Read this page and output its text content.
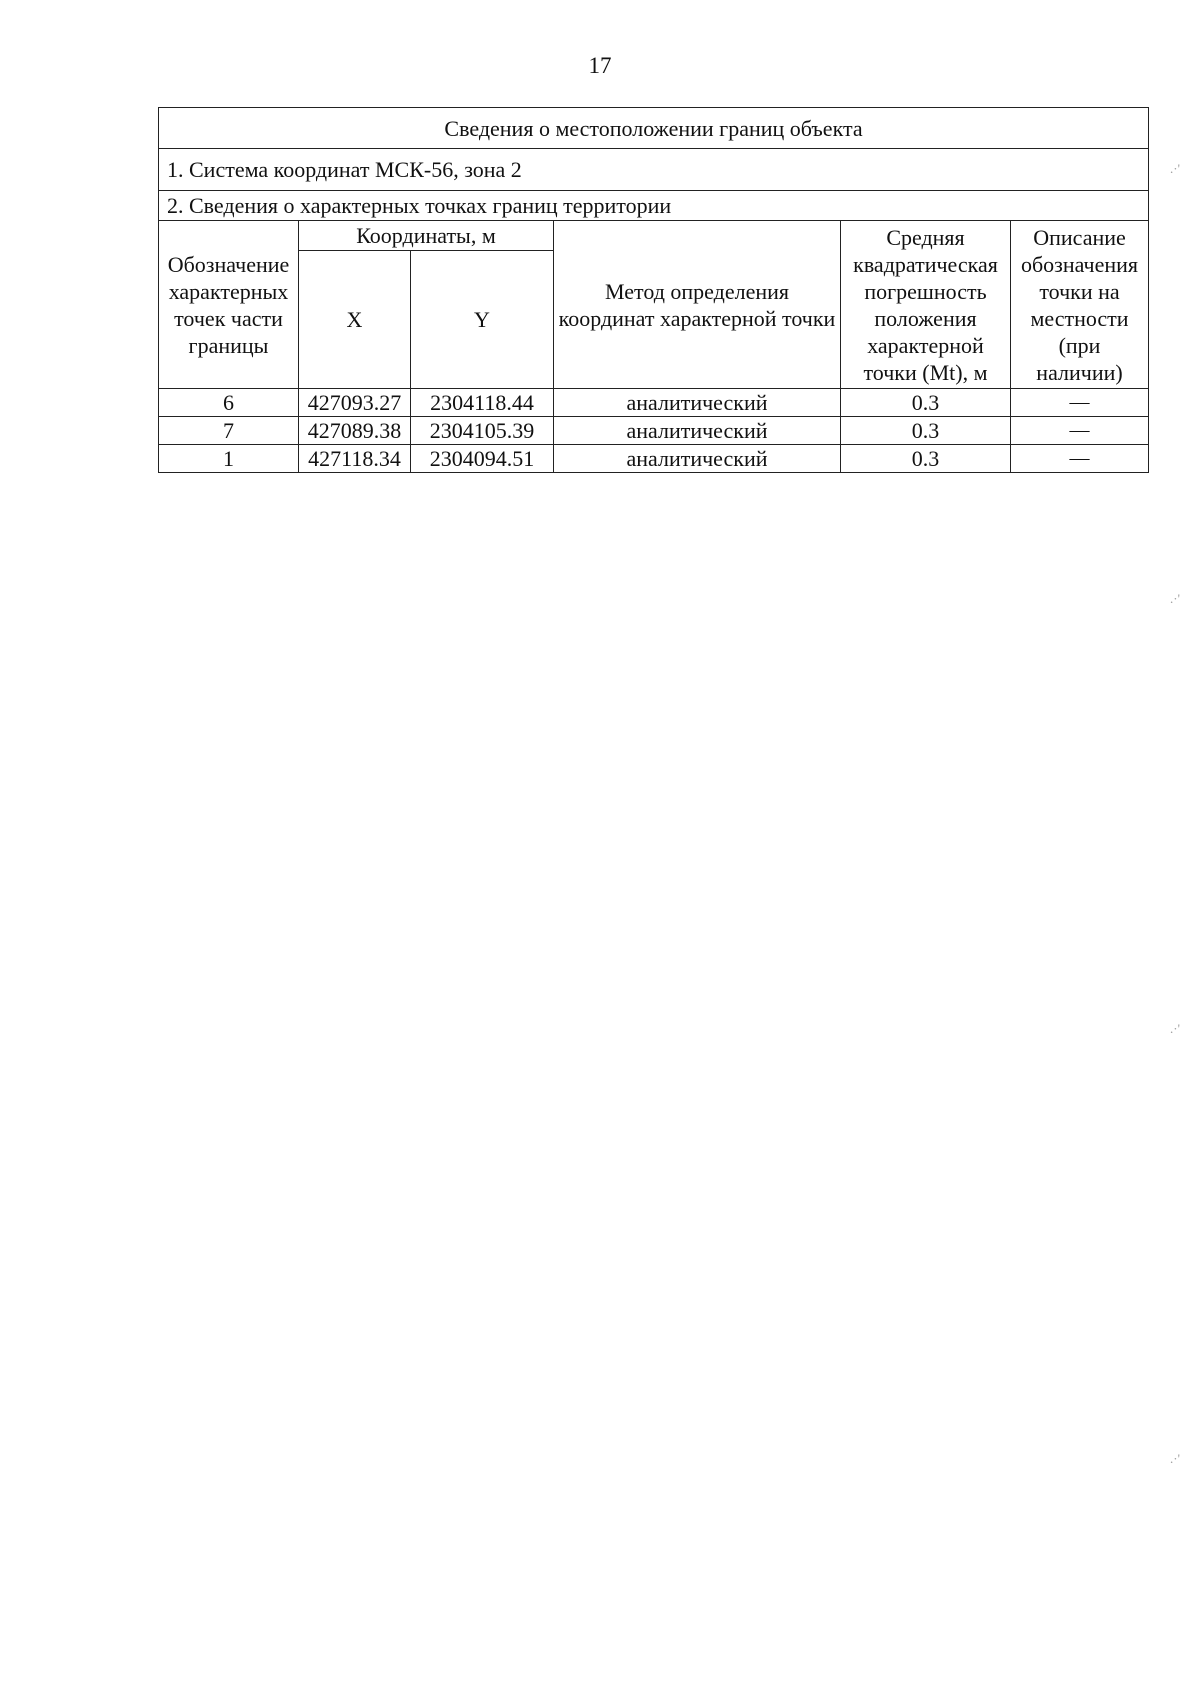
17
Сведения о местоположении границ объекта					
1. Система координат МСК-56, зона 2					
2. Сведения о характерных точках границ территории					
Обозначение характерных точек части границы	Координаты, м		Метод определения координат характерной точки	Средняя квадратическая погрешность положения характерной точки (Mt), м	Описание обозначения точки на местности (при наличии)
	X	Y			
6	427093.27	2304118.44	аналитический	0.3	—
7	427089.38	2304105.39	аналитический	0.3	—
1	427118.34	2304094.51	аналитический	0.3	—
.·'
.·'
.·'
.·'
